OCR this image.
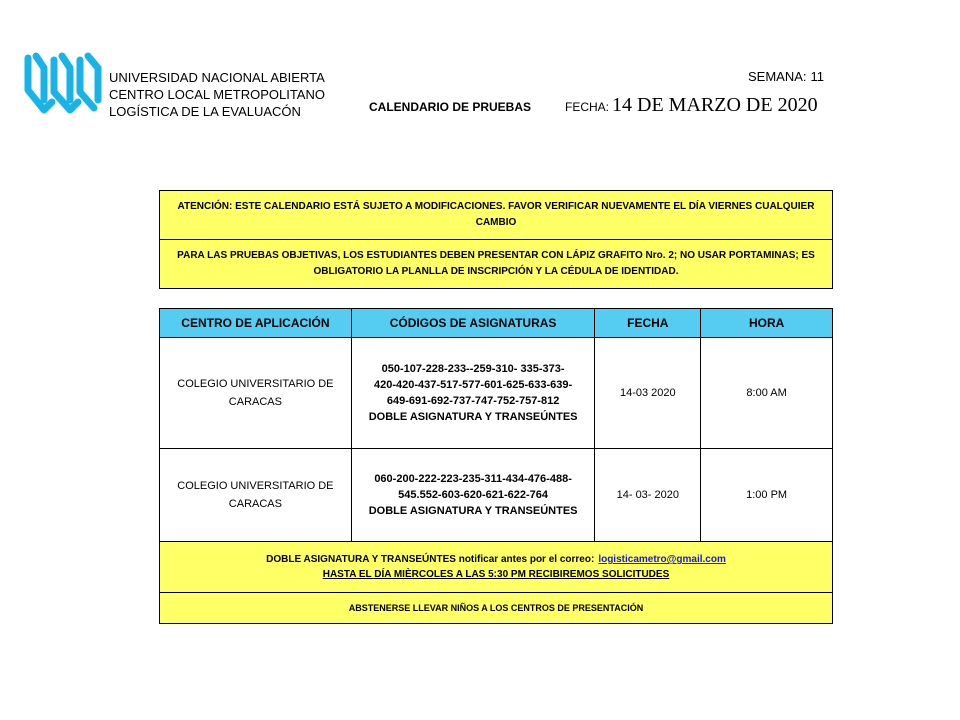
UNIVERSIDAD NACIONAL ABIERTA
CENTRO LOCAL METROPOLITANO
LOGÍSTICA DE LA EVALUACÓN
SEMANA: 11
CALENDARIO DE PRUEBAS	FECHA: 14 DE MARZO DE 2020
ATENCIÓN: ESTE CALENDARIO ESTÁ SUJETO A MODIFICACIONES. FAVOR VERIFICAR NUEVAMENTE EL DÍA VIERNES CUALQUIER CAMBIO
PARA LAS PRUEBAS OBJETIVAS, LOS ESTUDIANTES DEBEN PRESENTAR CON LÁPIZ GRAFITO Nro. 2; NO USAR PORTAMINAS; ES OBLIGATORIO LA PLANLLA DE INSCRIPCIÓN Y LA CÉDULA DE IDENTIDAD.
CENTRO DE APLICACIÓN	CÓDIGOS DE ASIGNATURAS	FECHA	HORA
COLEGIO UNIVERSITARIO DE CARACAS	050-107-228-233--259-310- 335-373-
420-420-437-517-577-601-625-633-639-
649-691-692-737-747-752-757-812
DOBLE ASIGNATURA Y TRANSEÚNTES	14-03 2020	8:00 AM
COLEGIO UNIVERSITARIO DE CARACAS	060-200-222-223-235-311-434-476-488-
545.552-603-620-621-622-764
DOBLE ASIGNATURA Y TRANSEÚNTES	14- 03- 2020	1:00 PM

DOBLE ASIGNATURA Y TRANSEÚNTES notificar antes por el correo: logisticametro@gmail.com
HASTA EL DÍA MIÈRCOLES A LAS 5:30 PM RECIBIREMOS SOLICITUDES			

ABSTENERSE LLEVAR NIÑOS A LOS CENTROS DE PRESENTACIÓN			
